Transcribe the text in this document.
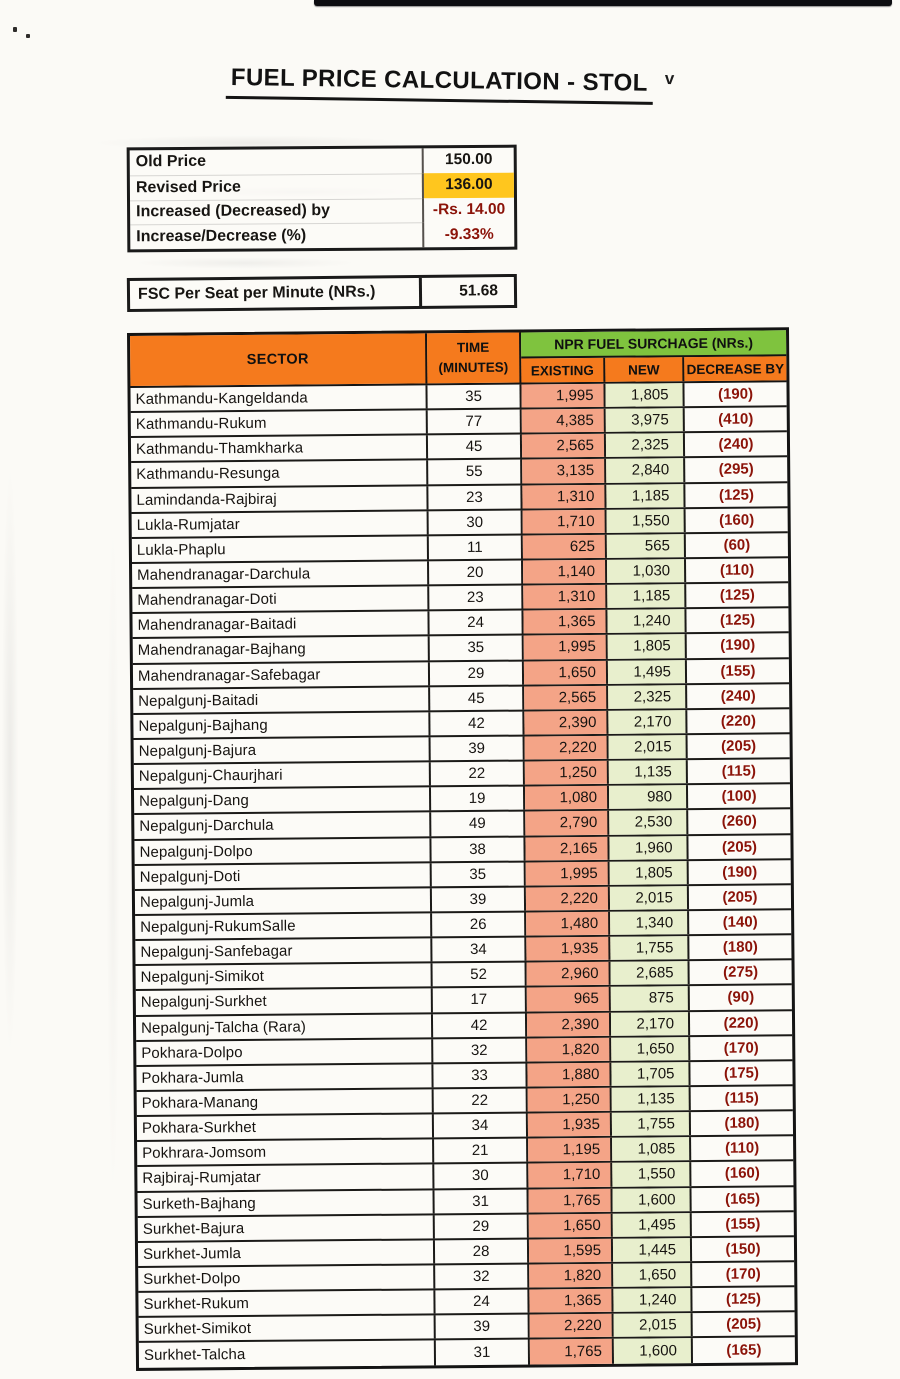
FUEL PRICE CALCULATION - STOL v
Old Price	150.00
Revised Price	136.00
Increased (Decreased) by	-Rs. 14.00
Increase/Decrease (%)	-9.33%
FSC Per Seat per Minute (NRs.)	51.68
SECTOR
TIME
(MINUTES)
NPR FUEL SURCHAGE (NRs.)
EXISTING	NEW	DECREASE BY
Kathmandu-Kangeldanda	35	1,995	1,805	(190)
Kathmandu-Rukum	77	4,385	3,975	(410)
Kathmandu-Thamkharka	45	2,565	2,325	(240)
Kathmandu-Resunga	55	3,135	2,840	(295)
Lamindanda-Rajbiraj	23	1,310	1,185	(125)
Lukla-Rumjatar	30	1,710	1,550	(160)
Lukla-Phaplu	11	625	565	(60)
Mahendranagar-Darchula	20	1,140	1,030	(110)
Mahendranagar-Doti	23	1,310	1,185	(125)
Mahendranagar-Baitadi	24	1,365	1,240	(125)
Mahendranagar-Bajhang	35	1,995	1,805	(190)
Mahendranagar-Safebagar	29	1,650	1,495	(155)
Nepalgunj-Baitadi	45	2,565	2,325	(240)
Nepalgunj-Bajhang	42	2,390	2,170	(220)
Nepalgunj-Bajura	39	2,220	2,015	(205)
Nepalgunj-Chaurjhari	22	1,250	1,135	(115)
Nepalgunj-Dang	19	1,080	980	(100)
Nepalgunj-Darchula	49	2,790	2,530	(260)
Nepalgunj-Dolpo	38	2,165	1,960	(205)
Nepalgunj-Doti	35	1,995	1,805	(190)
Nepalgunj-Jumla	39	2,220	2,015	(205)
Nepalgunj-RukumSalle	26	1,480	1,340	(140)
Nepalgunj-Sanfebagar	34	1,935	1,755	(180)
Nepalgunj-Simikot	52	2,960	2,685	(275)
Nepalgunj-Surkhet	17	965	875	(90)
Nepalgunj-Talcha (Rara)	42	2,390	2,170	(220)
Pokhara-Dolpo	32	1,820	1,650	(170)
Pokhara-Jumla	33	1,880	1,705	(175)
Pokhara-Manang	22	1,250	1,135	(115)
Pokhara-Surkhet	34	1,935	1,755	(180)
Pokhrara-Jomsom	21	1,195	1,085	(110)
Rajbiraj-Rumjatar	30	1,710	1,550	(160)
Surketh-Bajhang	31	1,765	1,600	(165)
Surkhet-Bajura	29	1,650	1,495	(155)
Surkhet-Jumla	28	1,595	1,445	(150)
Surkhet-Dolpo	32	1,820	1,650	(170)
Surkhet-Rukum	24	1,365	1,240	(125)
Surkhet-Simikot	39	2,220	2,015	(205)
Surkhet-Talcha	31	1,765	1,600	(165)
